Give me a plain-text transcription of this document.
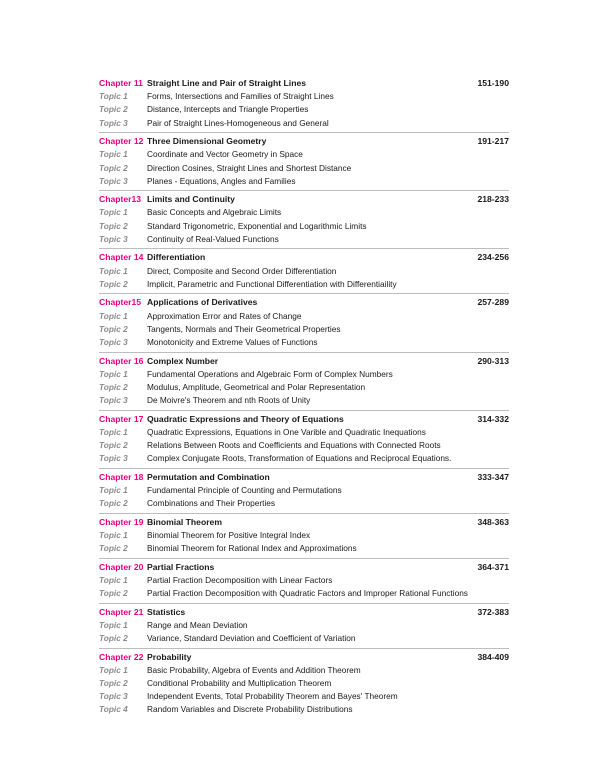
Chapter 11 Straight Line and Pair of Straight Lines	151-190
Topic 1	Forms, Intersections and Families of Straight Lines
Topic 2	Distance, Intercepts and Triangle Properties
Topic 3	Pair of Straight Lines-Homogeneous and General
Chapter 12 Three Dimensional Geometry	191-217
Topic 1	Coordinate and Vector Geometry in Space
Topic 2	Direction Cosines, Straight Lines and Shortest Distance
Topic 3	Planes - Equations, Angles and Families
Chapter13 Limits and Continuity	218-233
Topic 1	Basic Concepts and Algebraic Limits
Topic 2	Standard Trigonometric, Exponential and Logarithmic Limits
Topic 3	Continuity of Real-Valued Functions
Chapter 14 Differentiation	234-256
Topic 1	Direct, Composite and Second Order Differentiation
Topic 2	Implicit, Parametric and Functional Differentiation with Differentiaility
Chapter15 Applications of Derivatives	257-289
Topic 1	Approximation Error and Rates of Change
Topic 2	Tangents, Normals and Their Geometrical Properties
Topic 3	Monotonicity and Extreme Values of Functions
Chapter 16 Complex Number	290-313
Topic 1	Fundamental Operations and Algebraic Form of Complex Numbers
Topic 2	Modulus, Amplitude, Geometrical and Polar Representation
Topic 3	De Moivre's Theorem and nth Roots of Unity
Chapter 17 Quadratic Expressions and Theory of Equations	314-332
Topic 1	Quadratic Expressions, Equations in One Varible and Quadratic Inequations
Topic 2	Relations Between Roots and Coefficients and Equations with Connected Roots
Topic 3	Complex Conjugate Roots, Transformation of Equations and Reciprocal Equations.
Chapter 18 Permutation and Combination	333-347
Topic 1	Fundamental Principle of Counting and Permutations
Topic 2	Combinations and Their Properties
Chapter 19 Binomial Theorem	348-363
Topic 1	Binomial Theorem for Positive Integral Index
Topic 2	Binomial Theorem for Rational Index and Approximations
Chapter 20 Partial Fractions	364-371
Topic 1	Partial Fraction Decomposition with Linear Factors
Topic 2	Partial Fraction Decomposition with Quadratic Factors and Improper Rational Functions
Chapter 21 Statistics	372-383
Topic 1	Range and Mean Deviation
Topic 2	Variance, Standard Deviation and Coefficient of Variation
Chapter 22 Probability	384-409
Topic 1	Basic Probability, Algebra of Events and Addition Theorem
Topic 2	Conditional Probability and Multiplication Theorem
Topic 3	Independent Events, Total Probability Theorem and Bayes' Theorem
Topic 4	Random Variables and Discrete Probability Distributions
